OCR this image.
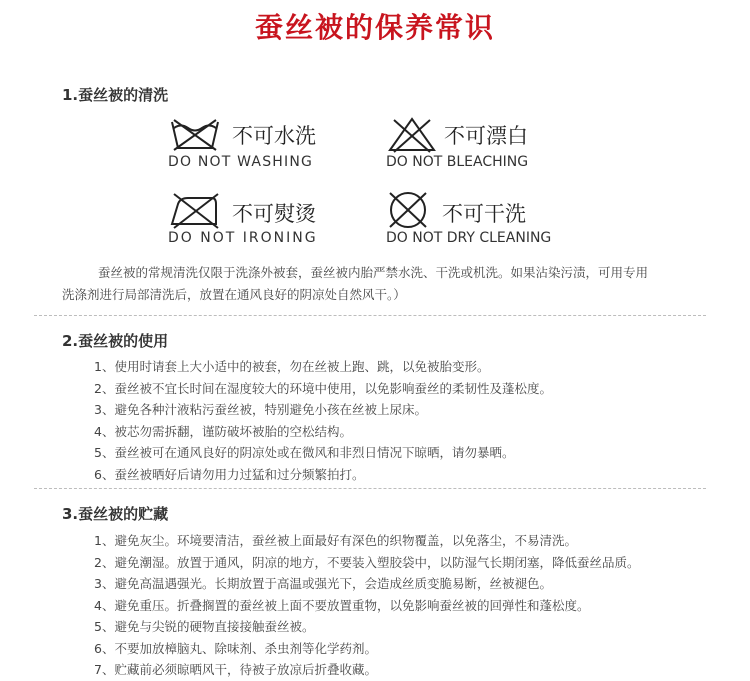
蚕丝被的保养常识
1.蚕丝被的清洗
不可水洗
DO NOT WASHING
不可漂白
DO NOT BLEACHING
不可熨烫
DO NOT IRONING
不可干洗
DO NOT DRY CLEANING
蚕丝被的常规清洗仅限于洗涤外被套，蚕丝被内胎严禁水洗、干洗或机洗。如果沾染污渍，可用专用
洗涤剂进行局部清洗后，放置在通风良好的阴凉处自然风干。）
2.蚕丝被的使用
1、使用时请套上大小适中的被套，勿在丝被上跑、跳，以免被胎变形。
2、蚕丝被不宜长时间在湿度较大的环境中使用，以免影响蚕丝的柔韧性及蓬松度。
3、避免各种汁液粘污蚕丝被，特别避免小孩在丝被上尿床。
4、被芯勿需拆翻，谨防破坏被胎的空松结构。
5、蚕丝被可在通风良好的阴凉处或在微风和非烈日情况下晾晒，请勿暴晒。
6、蚕丝被晒好后请勿用力过猛和过分频繁拍打。
3.蚕丝被的贮藏
1、避免灰尘。环境要清洁，蚕丝被上面最好有深色的织物覆盖，以免落尘，不易清洗。
2、避免潮湿。放置于通风，阴凉的地方，不要装入塑胶袋中，以防湿气长期闭塞，降低蚕丝品质。
3、避免高温遇强光。长期放置于高温或强光下，会造成丝质变脆易断，丝被褪色。
4、避免重压。折叠搁置的蚕丝被上面不要放置重物，以免影响蚕丝被的回弹性和蓬松度。
5、避免与尖锐的硬物直接接触蚕丝被。
6、不要加放樟脑丸、除味剂、杀虫剂等化学药剂。
7、贮藏前必须晾晒风干，待被子放凉后折叠收藏。
